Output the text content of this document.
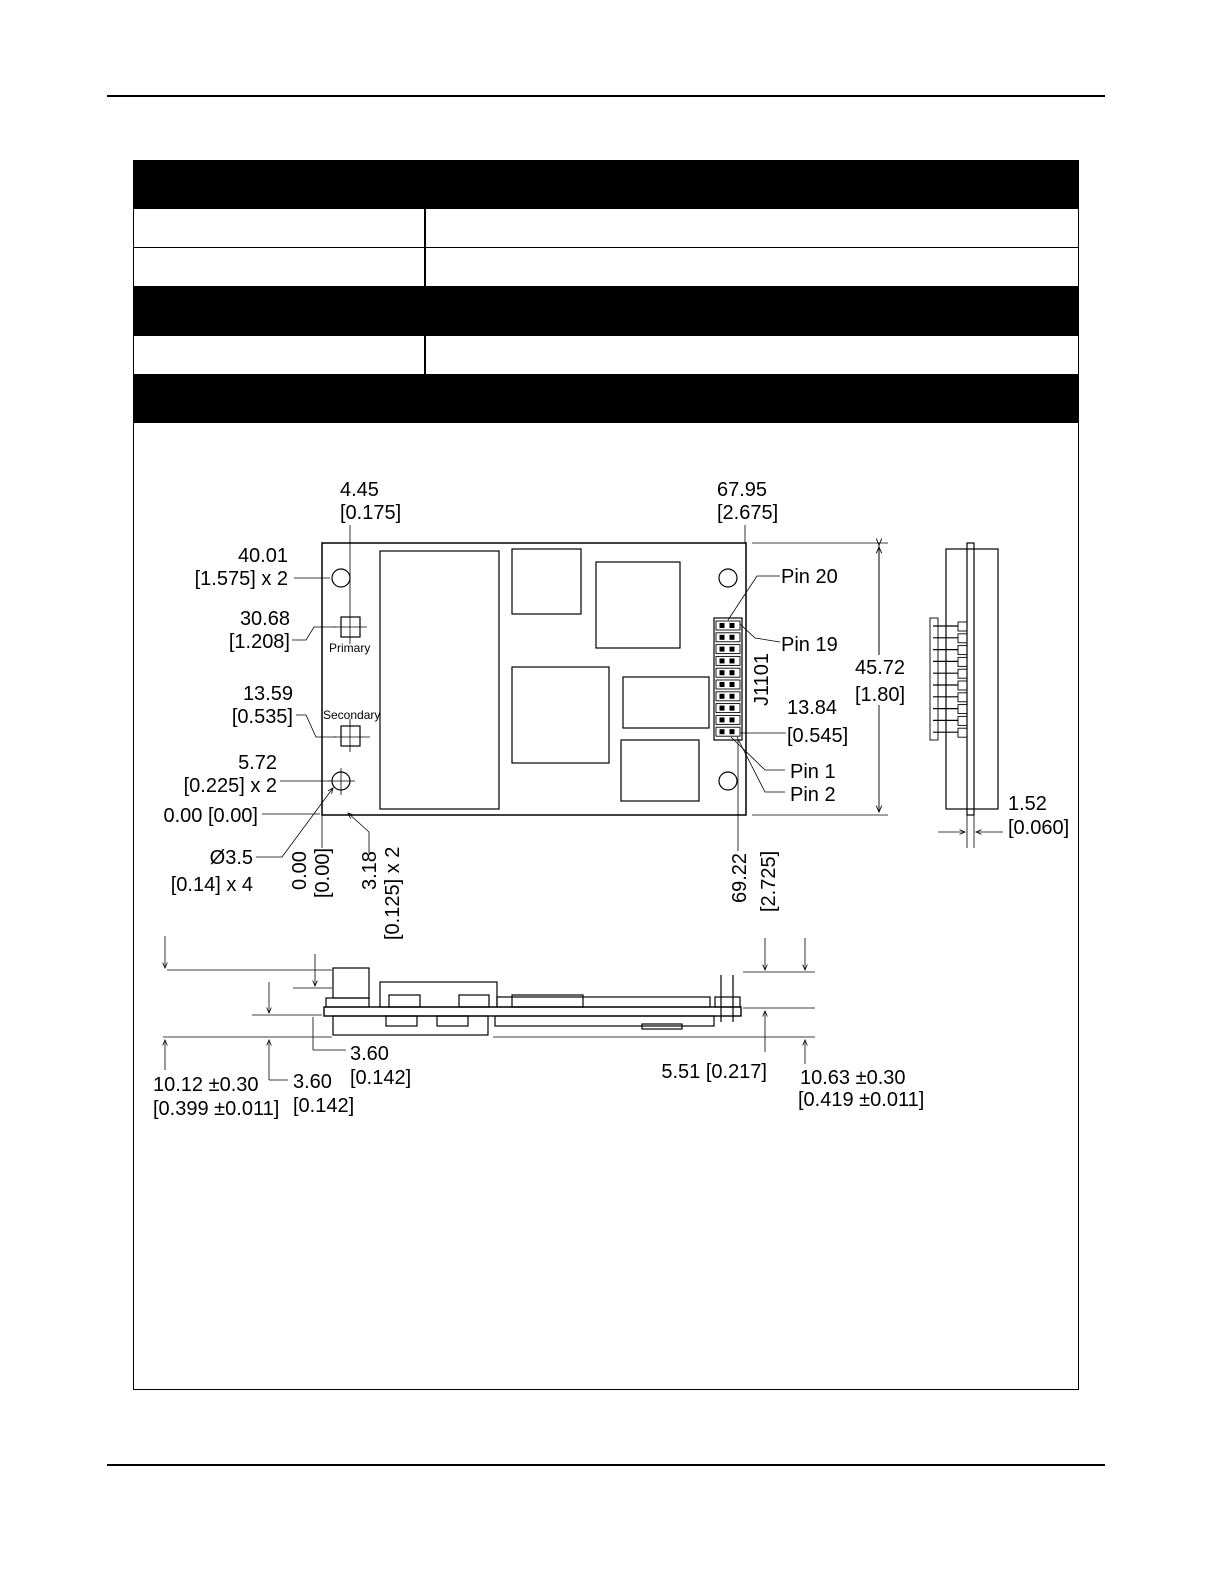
4.45
[0.175]
67.95
[2.675]
40.01
[1.575] x 2
30.68
[1.208]	Primary
13.59
[0.535]	Secondary
5.72
[0.225] x 2
0.00 [0.00]
Ø3.5
[0.14] x 4 0.00 [0.00] 3.18 [0.125] x 2	69.22 [2.725]
J1101
Pin 20
Pin 19
Pin 1
Pin 2
45.72
[1.80]
13.84
[0.545]
1.52
[0.060]
10.12 ±0.30
[0.399 ±0.011]
3.60
[0.142]
3.60
[0.142]
5.51 [0.217] 10.63 ±0.30
[0.419 ±0.011]
